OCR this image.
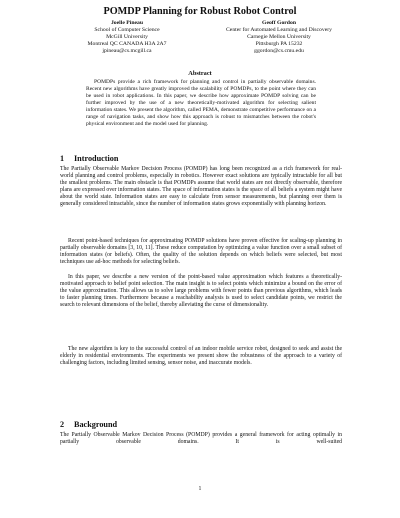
POMDP Planning for Robust Robot Control
Joelle Pineau
School of Computer Science
McGill University
Montreal QC CANADA H3A 2A7
jpineau@cs.mcgill.ca
Geoff Gordon
Center for Automated Learning and Discovery
Carnegie Mellon University
Pittsburgh PA 15232
ggordon@cs.cmu.edu
Abstract
POMDPs provide a rich framework for planning and control in partially observable domains. Recent new algorithms have greatly improved the scalability of POMDPs, to the point where they can be used in robot applications. In this paper, we describe how approximate POMDP solving can be further improved by the use of a new theoretically-motivated algorithm for selecting salient information states. We present the algorithm, called PEMA, demonstrate competitive performance on a range of navigation tasks, and show how this approach is robust to mismatches between the robot's physical environment and the model used for planning.
1 Introduction
The Partially Observable Markov Decision Process (POMDP) has long been recognized as a rich framework for real-world planning and control problems, especially in robotics. However exact solutions are typically intractable for all but the smallest problems. The main obstacle is that POMDPs assume that world states are not directly observable, therefore plans are expressed over information states. The space of information states is the space of all beliefs a system might have about the world state. Information states are easy to calculate from sensor measurements, but planning over them is generally considered intractable, since the number of information states grows exponentially with planning horizon.
Recent point-based techniques for approximating POMDP solutions have proven effective for scaling-up planning in partially observable domains [3, 10, 11]. These reduce computation by optimizing a value function over a small subset of information states (or beliefs). Often, the quality of the solution depends on which beliefs were selected, but most techniques use ad-hoc methods for selecting beliefs.
In this paper, we describe a new version of the point-based value approximation which features a theoretically-motivated approach to belief point selection. The main insight is to select points which minimize a bound on the error of the value approximation. This allows us to solve large problems with fewer points than previous algorithms, which leads to faster planning times. Furthermore because a reachability analysis is used to select candidate points, we restrict the search to relevant dimensions of the belief, thereby alleviating the curse of dimensionality.
The new algorithm is key to the successful control of an indoor mobile service robot, designed to seek and assist the elderly in residential environments. The experiments we present show the robustness of the approach to a variety of challenging factors, including limited sensing, sensor noise, and inaccurate models.
2 Background
The Partially Observable Markov Decision Process (POMDP) provides a general framework for acting optimally in partially observable domains. It is well-suited
1
